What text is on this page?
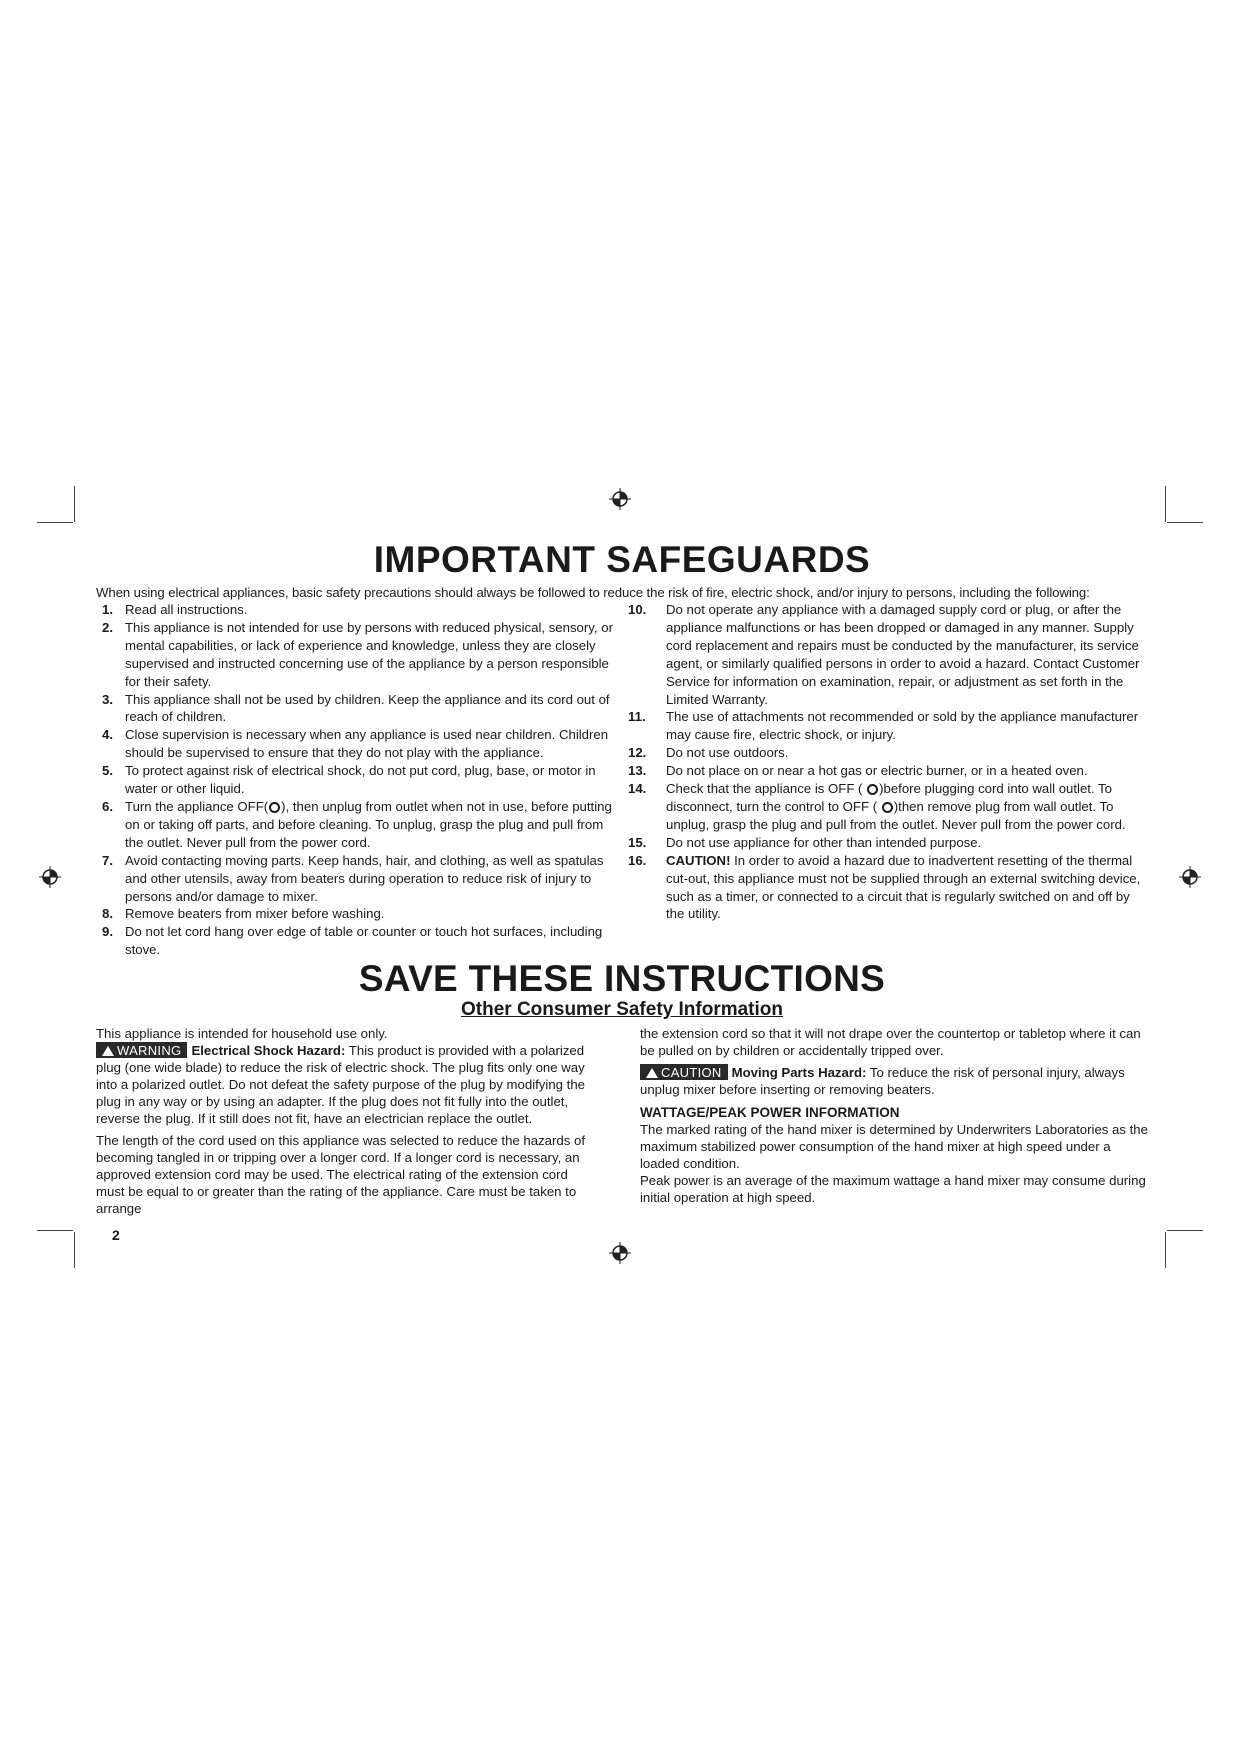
IMPORTANT SAFEGUARDS

When using electrical appliances, basic safety precautions should always be followed to reduce the risk of fire, electric shock, and/or injury to persons, including the following:

1. Read all instructions.
2. This appliance is not intended for use by persons with reduced physical, sensory, or mental capabilities, or lack of experience and knowledge, unless they are closely supervised and instructed concerning use of the appliance by a person responsible for their safety.
3. This appliance shall not be used by children. Keep the appliance and its cord out of reach of children.
4. Close supervision is necessary when any appliance is used near children. Children should be supervised to ensure that they do not play with the appliance.
5. To protect against risk of electrical shock, do not put cord, plug, base, or motor in water or other liquid.
6. Turn the appliance OFF( ), then unplug from outlet when not in use, before putting on or taking off parts, and before cleaning. To unplug, grasp the plug and pull from the outlet. Never pull from the power cord.
7. Avoid contacting moving parts. Keep hands, hair, and clothing, as well as spatulas and other utensils, away from beaters during operation to reduce risk of injury to persons and/or damage to mixer.
8. Remove beaters from mixer before washing.
9. Do not let cord hang over edge of table or counter or touch hot surfaces, including stove.
10. Do not operate any appliance with a damaged supply cord or plug, or after the appliance malfunctions or has been dropped or damaged in any manner. Supply cord replacement and repairs must be conducted by the manufacturer, its service agent, or similarly qualified persons in order to avoid a hazard. Contact Customer Service for information on examination, repair, or adjustment as set forth in the Limited Warranty.
11. The use of attachments not recommended or sold by the appliance manufacturer may cause fire, electric shock, or injury.
12. Do not use outdoors.
13. Do not place on or near a hot gas or electric burner, or in a heated oven.
14. Check that the appliance is OFF ( )before plugging cord into wall outlet. To disconnect, turn the control to OFF ( )then remove plug from wall outlet. To unplug, grasp the plug and pull from the outlet. Never pull from the power cord.
15. Do not use appliance for other than intended purpose.
16. CAUTION! In order to avoid a hazard due to inadvertent resetting of the thermal cut-out, this appliance must not be supplied through an external switching device, such as a timer, or connected to a circuit that is regularly switched on and off by the utility.
SAVE THESE INSTRUCTIONS
Other Consumer Safety Information

This appliance is intended for household use only.

WARNING Electrical Shock Hazard: This product is provided with a polarized plug (one wide blade) to reduce the risk of electric shock. The plug fits only one way into a polarized outlet. Do not defeat the safety purpose of the plug by modifying the plug in any way or by using an adapter. If the plug does not fit fully into the outlet, reverse the plug. If it still does not fit, have an electrician replace the outlet.

The length of the cord used on this appliance was selected to reduce the hazards of becoming tangled in or tripping over a longer cord. If a longer cord is necessary, an approved extension cord may be used. The electrical rating of the extension cord must be equal to or greater than the rating of the appliance. Care must be taken to arrange

2

the extension cord so that it will not drape over the countertop or tabletop where it can be pulled on by children or accidentally tripped over.

CAUTION Moving Parts Hazard: To reduce the risk of personal injury, always unplug mixer before inserting or removing beaters.

WATTAGE/PEAK POWER INFORMATION

The marked rating of the hand mixer is determined by Underwriters Laboratories as the maximum stabilized power consumption of the hand mixer at high speed under a loaded condition.

Peak power is an average of the maximum wattage a hand mixer may consume during initial operation at high speed.
